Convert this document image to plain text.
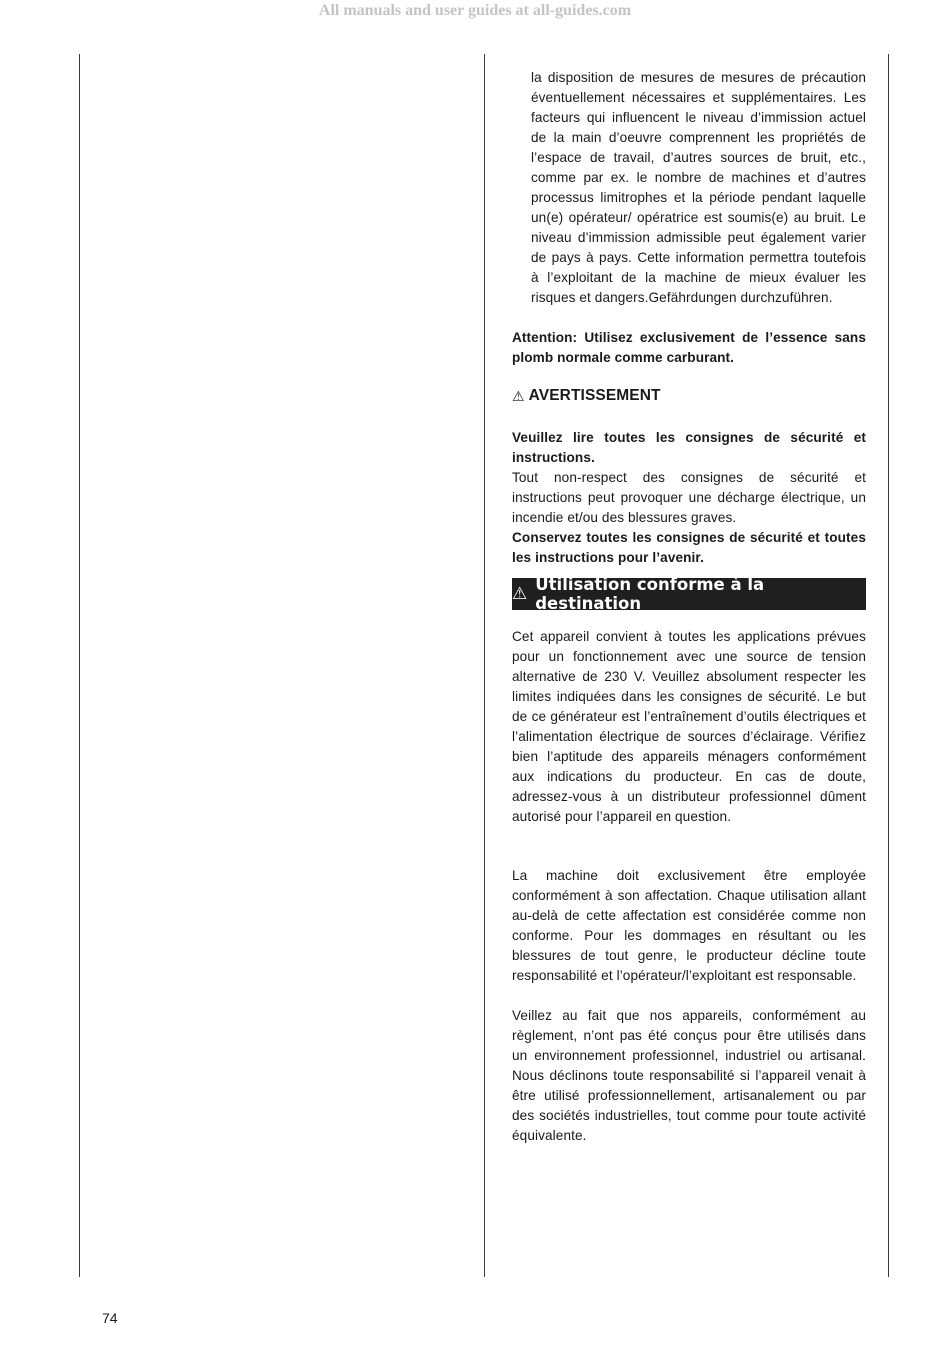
All manuals and user guides at all-guides.com

la disposition de mesures de mesures de précaution éventuellement nécessaires et supplémentaires. Les facteurs qui influencent le niveau d’immission actuel de la main d’oeuvre comprennent les propriétés de l’espace de travail, d’autres sources de bruit, etc., comme par ex. le nombre de machines et d’autres processus limitrophes et la période pendant laquelle un(e) opérateur/ opératrice est soumis(e) au bruit. Le niveau d’immission admissible peut également varier de pays à pays. Cette information permettra toutefois à l’exploitant de la machine de mieux évaluer les risques et dangers.Gefährdungen durchzuführen.

Attention: Utilisez exclusivement de l’essence sans plomb normale comme carburant.

⚠ AVERTISSEMENT

Veuillez lire toutes les consignes de sécurité et instructions.

Tout non-respect des consignes de sécurité et instructions peut provoquer une décharge électrique, un incendie et/ou des blessures graves.

Conservez toutes les consignes de sécurité et toutes les instructions pour l’avenir.

⚠ Utilisation conforme à la destination

Cet appareil convient à toutes les applications prévues pour un fonctionnement avec une source de tension alternative de 230 V. Veuillez absolument respecter les limites indiquées dans les consignes de sécurité. Le but de ce générateur est l’entraînement d’outils électriques et l’alimentation électrique de sources d’éclairage. Vérifiez bien l’aptitude des appareils ménagers conformément aux indications du producteur. En cas de doute, adressez-vous à un distributeur professionnel dûment autorisé pour l’appareil en question.

La machine doit exclusivement être employée conformément à son affectation. Chaque utilisation allant au-delà de cette affectation est considérée comme non conforme. Pour les dommages en résultant ou les blessures de tout genre, le producteur décline toute responsabilité et l’opérateur/l’exploitant est responsable.

Veillez au fait que nos appareils, conformément au règlement, n’ont pas été conçus pour être utilisés dans un environnement professionnel, industriel ou artisanal. Nous déclinons toute responsabilité si l’appareil venait à être utilisé professionnellement, artisanalement ou par des sociétés industrielles, tout comme pour toute activité équivalente.

74
